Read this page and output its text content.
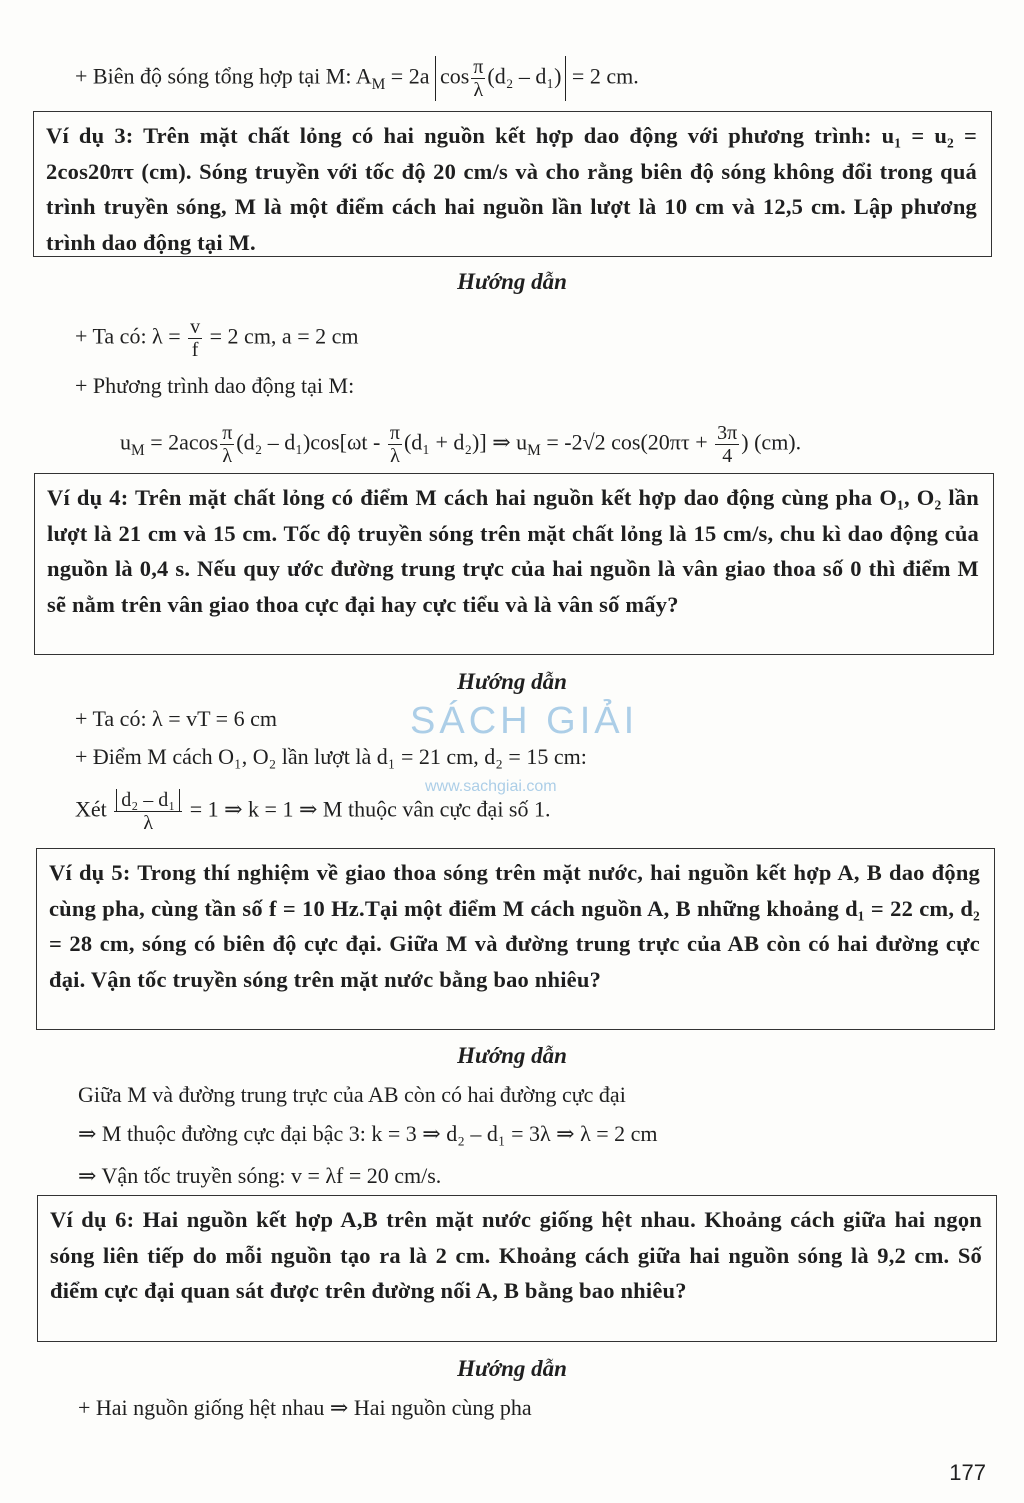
+ Biên độ sóng tổng hợp tại M: $A_M = 2a$ $\cos \frac{\pi}{\lambda} (d_2 - d_1) = 2$ cm.

Ví dụ 3: Trên mặt chất lỏng có hai nguồn kết hợp dao động với phương trình: u₁ = u₂ = 2cos20πτ (cm). Sóng truyền với tốc độ 20 cm/s và cho rằng biên độ sóng không đổi trong quá trình truyền sóng, M là một điểm cách hai nguồn lần lượt là 10 cm và 12,5 cm. Lập phương trình dao động tại M.

Hướng dẫn
+ Ta có: $\lambda = \frac{v}{f} = 2$ cm, a = 2 cm
+ Phương trình dao động tại M:
$u_M = 2acos \frac{\pi}{\lambda} (d_2 - d_1)\cos[\omega t - \frac{\pi}{\lambda} (d_1 + d_2)]$ ⇒ $u_M = -2√2$ $\cos(20\pi\tau + \frac{3\pi}{4}$ ) (cm).

Ví dụ 4: Trên mặt chất lỏng có điểm M cách hai nguồn kết hợp dao động cùng pha O₁, O₂ lần lượt là 21 cm và 15 cm. Tốc độ truyền sóng trên mặt chất lỏng là 15 cm/s, chu kì dao động của nguồn là 0,4 s. Nếu quy ước đường trung trực của hai nguồn là vân giao thoa số 0 thì điểm M sẽ nằm trên vân giao thoa cực đại hay cực tiểu và là vân số mấy?

Hướng dẫn
+ Ta có: λ = vT = 6 cm
+ Điểm M cách O₁, O₂ lần lượt là d₁ = 21 cm, d₂ = 15 cm:
Xét $\frac{\text{d₂ – d₁}}{\lambda} = 1$ ⇒ k = 1 ⇒ M thuộc vân cực đại số 1.
SÁCH GIẢI
www.sachgiai.com

Ví dụ 5: Trong thí nghiệm về giao thoa sóng trên mặt nước, hai nguồn kết hợp A, B dao động cùng pha, cùng tần số f = 10 Hz.Tại một điểm M cách nguồn A, B những khoảng d₁ = 22 cm, d₂ = 28 cm, sóng có biên độ cực đại. Giữa M và đường trung trực của AB còn có hai đường cực đại. Vận tốc truyền sóng trên mặt nước bằng bao nhiêu?

Hướng dẫn
Giữa M và đường trung trực của AB còn có hai đường cực đại
⇒ M thuộc đường cực đại bậc 3: k = 3 ⇒ d₂ – d₁ = 3λ ⇒ λ = 2 cm
⇒ Vận tốc truyền sóng: v = λf = 20 cm/s.

Ví dụ 6: Hai nguồn kết hợp A,B trên mặt nước giống hệt nhau. Khoảng cách giữa hai ngọn sóng liên tiếp do mỗi nguồn tạo ra là 2 cm. Khoảng cách giữa hai nguồn sóng là 9,2 cm. Số điểm cực đại quan sát được trên đường nối A, B bằng bao nhiêu?

Hướng dẫn
+ Hai nguồn giống hệt nhau ⇒ Hai nguồn cùng pha
177
